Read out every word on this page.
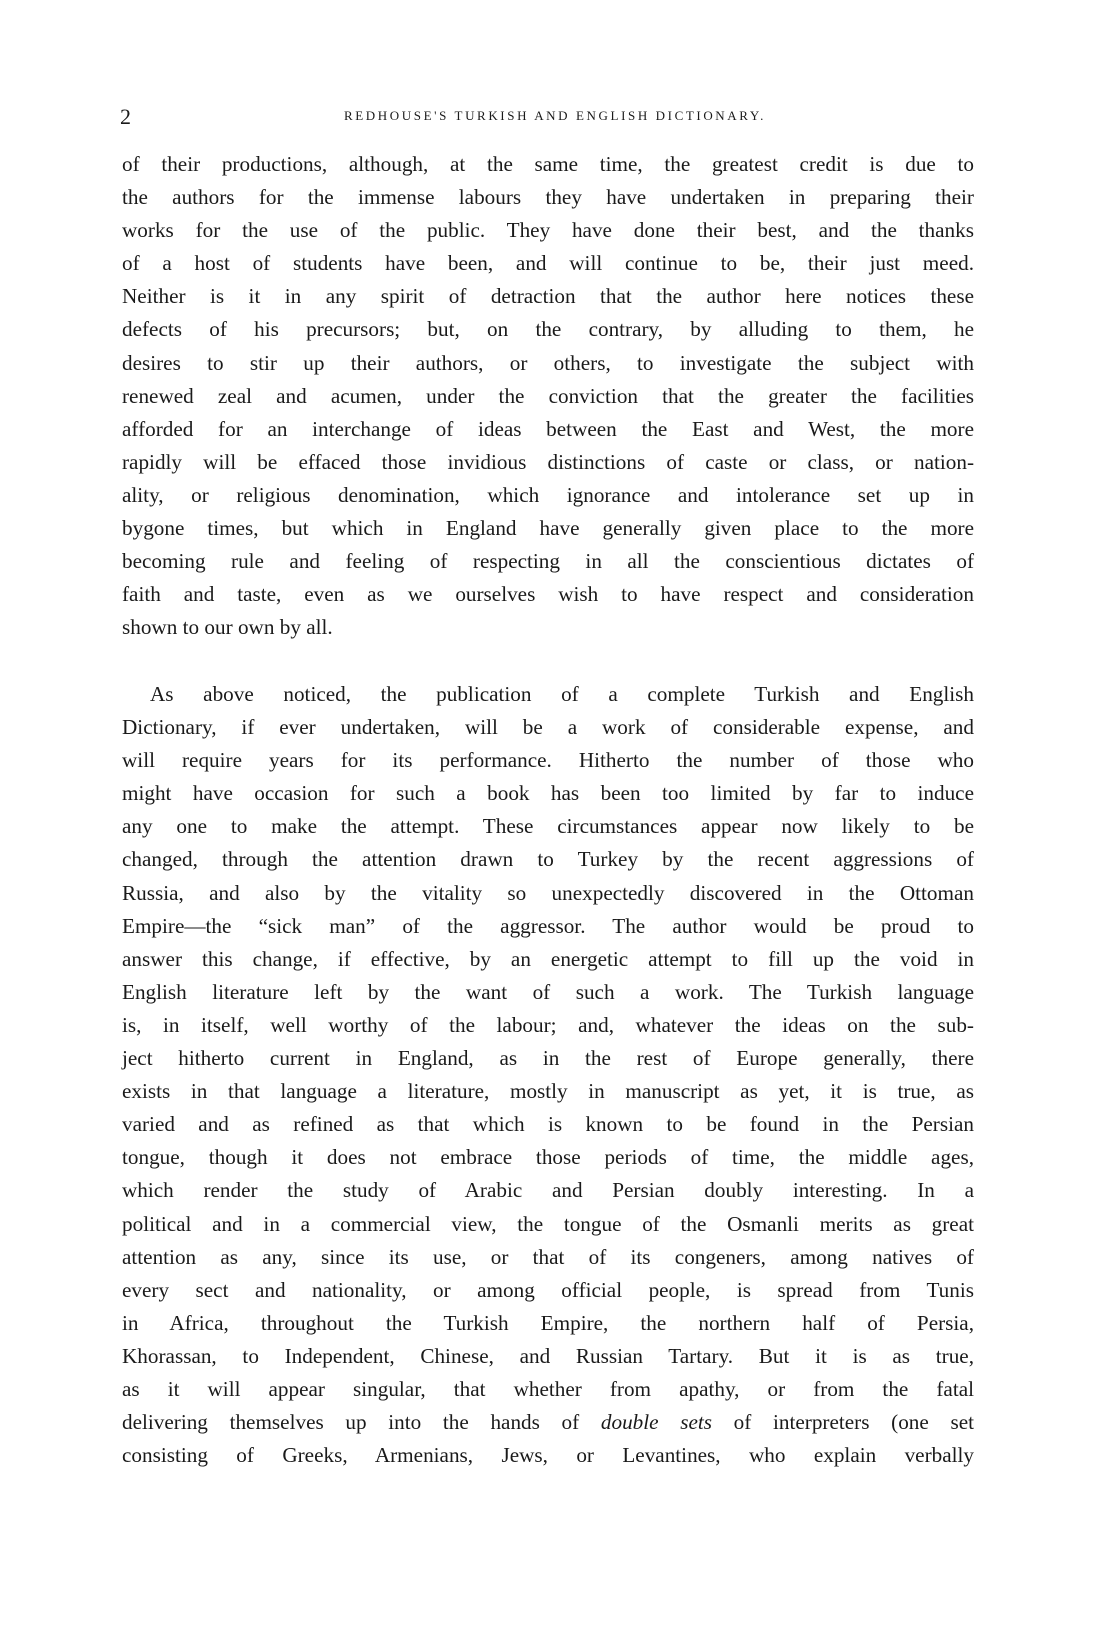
2	REDHOUSE'S TURKISH AND ENGLISH DICTIONARY.
of their productions, although, at the same time, the greatest credit is due to
the authors for the immense labours they have undertaken in preparing their
works for the use of the public. They have done their best, and the thanks
of a host of students have been, and will continue to be, their just meed.
Neither is it in any spirit of detraction that the author here notices these
defects of his precursors; but, on the contrary, by alluding to them, he
desires to stir up their authors, or others, to investigate the subject with
renewed zeal and acumen, under the conviction that the greater the facilities
afforded for an interchange of ideas between the East and West, the more
rapidly will be effaced those invidious distinctions of caste or class, or nation-
ality, or religious denomination, which ignorance and intolerance set up in
bygone times, but which in England have generally given place to the more
becoming rule and feeling of respecting in all the conscientious dictates of
faith and taste, even as we ourselves wish to have respect and consideration
shown to our own by all.
As above noticed, the publication of a complete Turkish and English
Dictionary, if ever undertaken, will be a work of considerable expense, and
will require years for its performance. Hitherto the number of those who
might have occasion for such a book has been too limited by far to induce
any one to make the attempt. These circumstances appear now likely to be
changed, through the attention drawn to Turkey by the recent aggressions of
Russia, and also by the vitality so unexpectedly discovered in the Ottoman
Empire—the “sick man” of the aggressor. The author would be proud to
answer this change, if effective, by an energetic attempt to fill up the void in
English literature left by the want of such a work. The Turkish language
is, in itself, well worthy of the labour; and, whatever the ideas on the sub-
ject hitherto current in England, as in the rest of Europe generally, there
exists in that language a literature, mostly in manuscript as yet, it is true, as
varied and as refined as that which is known to be found in the Persian
tongue, though it does not embrace those periods of time, the middle ages,
which render the study of Arabic and Persian doubly interesting. In a
political and in a commercial view, the tongue of the Osmanli merits as great
attention as any, since its use, or that of its congeners, among natives of
every sect and nationality, or among official people, is spread from Tunis
in Africa, throughout the Turkish Empire, the northern half of Persia,
Khorassan, to Independent, Chinese, and Russian Tartary. But it is as true,
as it will appear singular, that whether from apathy, or from the fatal
delivering themselves up into the hands of double sets of interpreters (one set
consisting of Greeks, Armenians, Jews, or Levantines, who explain verbally
